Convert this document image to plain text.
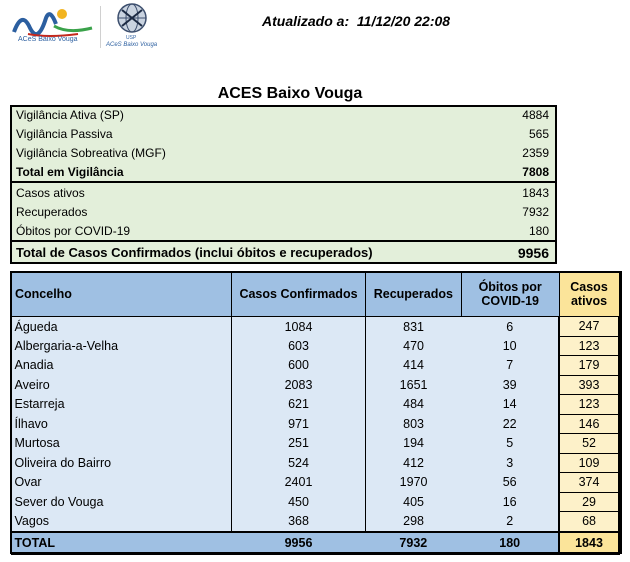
ACeS Baixo Vouga	USP
ACeS Baixo Vouga
Atualizado a: 11/12/20 22:08
ACES Baixo Vouga
Vigilância Ativa (SP)	4884
Vigilância Passiva	565
Vigilância Sobreativa (MGF)	2359
Total em Vigilância	7808
Casos ativos	1843
Recuperados	7932
Óbitos por COVID-19	180
Total de Casos Confirmados (inclui óbitos e recuperados)	9956
Concelho	Casos Confirmados	Recuperados	Óbitos por COVID-19	Casos ativos
Águeda	1084	831	6	247
Albergaria-a-Velha	603	470	10	123
Anadia	600	414	7	179
Aveiro	2083	1651	39	393
Estarreja	621	484	14	123
Ílhavo	971	803	22	146
Murtosa	251	194	5	52
Oliveira do Bairro	524	412	3	109
Ovar	2401	1970	56	374
Sever do Vouga	450	405	16	29
Vagos	368	298	2	68
TOTAL	9956	7932	180	1843
